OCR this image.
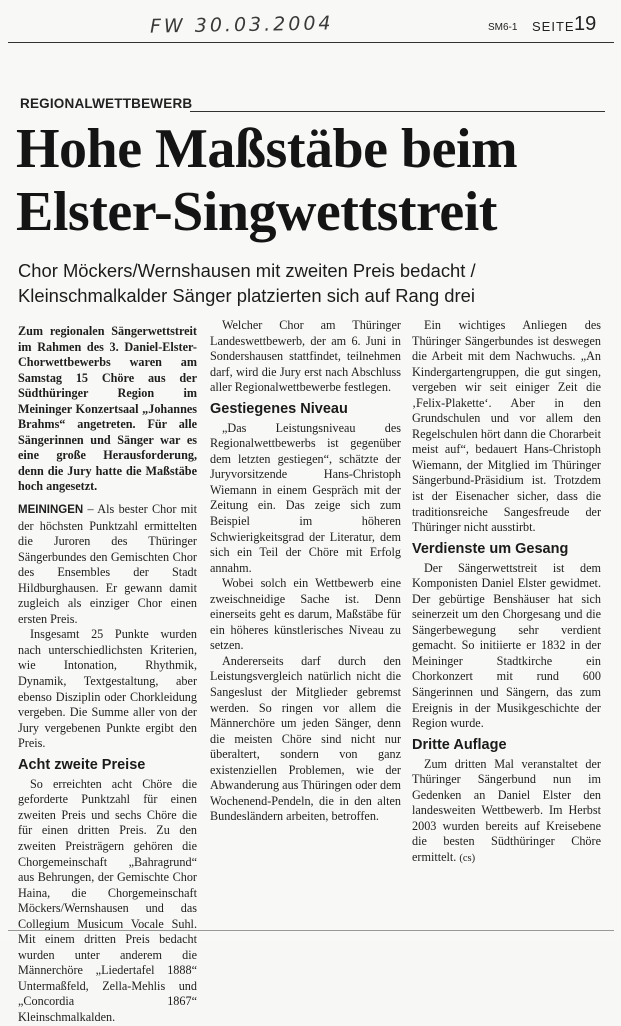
FW 30.03.2004	SM6-1 SEITE 19
REGIONALWETTBEWERB
Hohe Maßstäbe beim
Elster-Singwettstreit
Chor Möckers/Wernshausen mit zweiten Preis bedacht /
Kleinschmalkalder Sänger platzierten sich auf Rang drei

Zum regionalen Sängerwettstreit im Rahmen des 3. Daniel-Elster-Chorwettbewerbs waren am Samstag 15 Chöre aus der Südthüringer Region im Meininger Konzertsaal „Johannes Brahms“ angetreten. Für alle Sängerinnen und Sänger war es eine große Herausforderung, denn die Jury hatte die Maßstäbe hoch angesetzt.

MEININGEN – Als bester Chor mit der höchsten Punktzahl ermittelten die Juroren des Thüringer Sängerbundes den Gemischten Chor des Ensembles der Stadt Hildburghausen. Er gewann damit zugleich als einziger Chor einen ersten Preis.

Insgesamt 25 Punkte wurden nach unterschiedlichsten Kriterien, wie Intonation, Rhythmik, Dynamik, Textgestaltung, aber ebenso Disziplin oder Chorkleidung vergeben. Die Summe aller von der Jury vergebenen Punkte ergibt den Preis.

Acht zweite Preise

So erreichten acht Chöre die geforderte Punktzahl für einen zweiten Preis und sechs Chöre die für einen dritten Preis. Zu den zweiten Preisträgern gehören die Chorgemeinschaft „Bahragrund“ aus Behrungen, der Gemischte Chor Haina, die Chorgemeinschaft Möckers/Wernshausen und das Collegium Musicum Vocale Suhl. Mit einem dritten Preis bedacht wurden unter anderem die Männerchöre „Liedertafel 1888“ Untermaßfeld, Zella-Mehlis und „Concordia 1867“ Kleinschmalkalden.

Welcher Chor am Thüringer Landeswettbewerb, der am 6. Juni in Sondershausen stattfindet, teilnehmen darf, wird die Jury erst nach Abschluss aller Regionalwettbewerbe festlegen.

Gestiegenes Niveau

„Das Leistungsniveau des Regionalwettbewerbs ist gegenüber dem letzten gestiegen“, schätzte der Juryvorsitzende Hans-Christoph Wiemann in einem Gespräch mit der Zeitung ein. Das zeige sich zum Beispiel im höheren Schwierigkeitsgrad der Literatur, dem sich ein Teil der Chöre mit Erfolg annahm.

Wobei solch ein Wettbewerb eine zweischneidige Sache ist. Denn einerseits geht es darum, Maßstäbe für ein höheres künstlerisches Niveau zu setzen.

Andererseits darf durch den Leistungsvergleich natürlich nicht die Sangeslust der Mitglieder gebremst werden. So ringen vor allem die Männerchöre um jeden Sänger, denn die meisten Chöre sind nicht nur überaltert, sondern von ganz existenziellen Problemen, wie der Abwanderung aus Thüringen oder dem Wochenend-Pendeln, die in den alten Bundesländern arbeiten, betroffen.

Ein wichtiges Anliegen des Thüringer Sängerbundes ist deswegen die Arbeit mit dem Nachwuchs. „An Kindergartengruppen, die gut singen, vergeben wir seit einiger Zeit die ‚Felix-Plakette‘. Aber in den Grundschulen und vor allem den Regelschulen hört dann die Chorarbeit meist auf“, bedauert Hans-Christoph Wiemann, der Mitglied im Thüringer Sängerbund-Präsidium ist. Trotzdem ist der Eisenacher sicher, dass die traditionsreiche Sangesfreude der Thüringer nicht ausstirbt.

Verdienste um Gesang

Der Sängerwettstreit ist dem Komponisten Daniel Elster gewidmet. Der gebürtige Benshäuser hat sich seinerzeit um den Chorgesang und die Sängerbewegung sehr verdient gemacht. So initiierte er 1832 in der Meininger Stadtkirche ein Chorkonzert mit rund 600 Sängerinnen und Sängern, das zum Ereignis in der Musikgeschichte der Region wurde.

Dritte Auflage

Zum dritten Mal veranstaltet der Thüringer Sängerbund nun im Gedenken an Daniel Elster den landesweiten Wettbewerb. Im Herbst 2003 wurden bereits auf Kreisebene die besten Südthüringer Chöre ermittelt. (cs)
